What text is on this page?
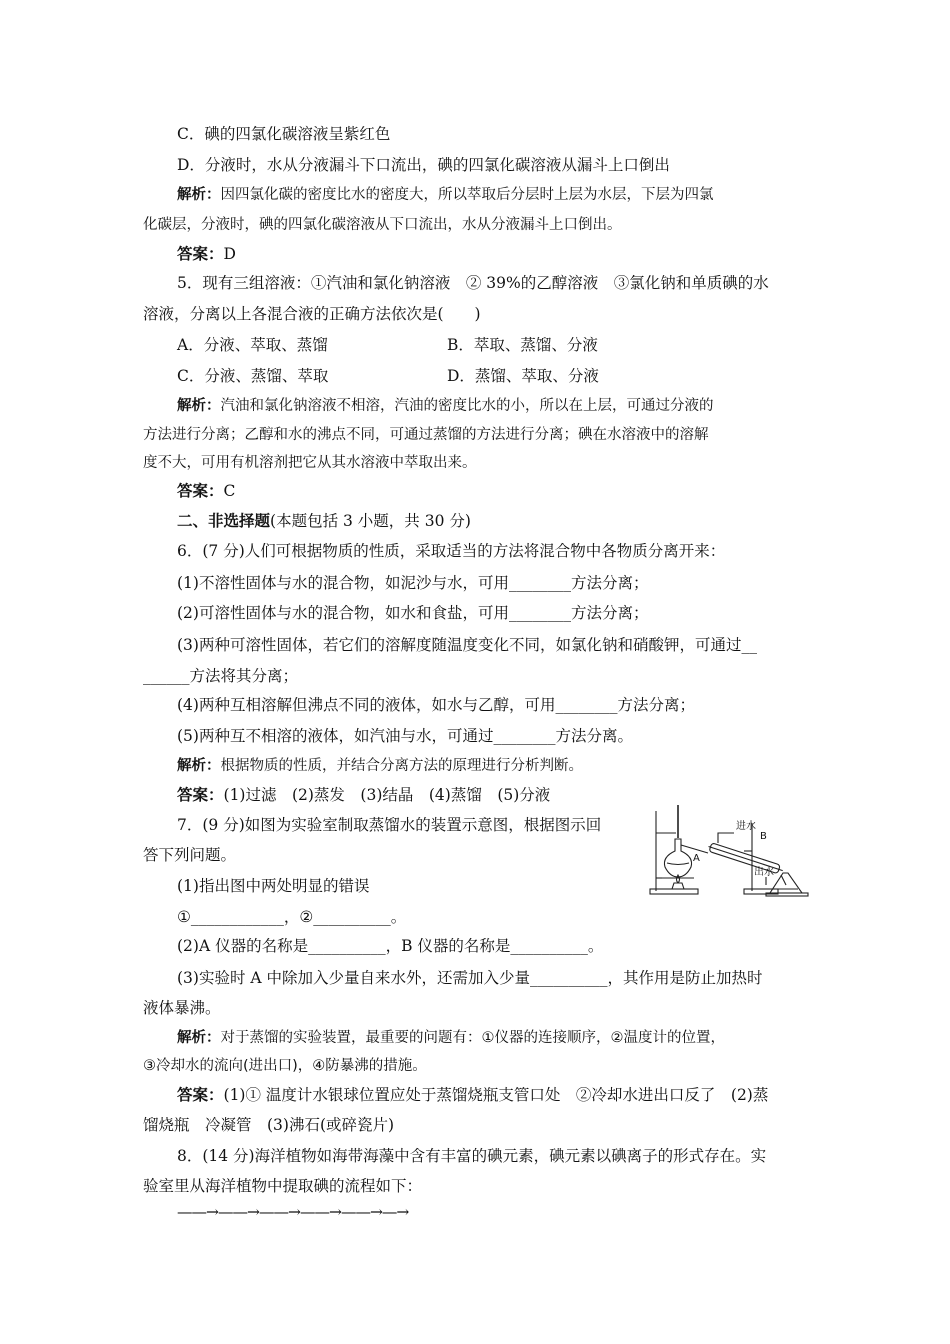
C．碘的四氯化碳溶液呈紫红色
D．分液时，水从分液漏斗下口流出，碘的四氯化碳溶液从漏斗上口倒出
解析：因四氯化碳的密度比水的密度大，所以萃取后分层时上层为水层，下层为四氯
化碳层，分液时，碘的四氯化碳溶液从下口流出，水从分液漏斗上口倒出。
答案：D
5．现有三组溶液：①汽油和氯化钠溶液　② 39%的乙醇溶液　③氯化钠和单质碘的水
溶液，分离以上各混合液的正确方法依次是(　　)
A．分液、萃取、蒸馏	B．萃取、蒸馏、分液
C．分液、蒸馏、萃取	D．蒸馏、萃取、分液
解析：汽油和氯化钠溶液不相溶，汽油的密度比水的小，所以在上层，可通过分液的
方法进行分离；乙醇和水的沸点不同，可通过蒸馏的方法进行分离；碘在水溶液中的溶解
度不大，可用有机溶剂把它从其水溶液中萃取出来。
答案：C
二、非选择题(本题包括 3 小题，共 30 分)
6．(7 分)人们可根据物质的性质，采取适当的方法将混合物中各物质分离开来：
(1)不溶性固体与水的混合物，如泥沙与水，可用________方法分离；
(2)可溶性固体与水的混合物，如水和食盐，可用________方法分离；
(3)两种可溶性固体，若它们的溶解度随温度变化不同，如氯化钠和硝酸钾，可通过__
______方法将其分离；
(4)两种互相溶解但沸点不同的液体，如水与乙醇，可用________方法分离；
(5)两种互不相溶的液体，如汽油与水，可通过________方法分离。
解析：根据物质的性质，并结合分离方法的原理进行分析判断。
答案：(1)过滤　(2)蒸发　(3)结晶　(4)蒸馏　(5)分液
7．(9 分)如图为实验室制取蒸馏水的装置示意图，根据图示回
答下列问题。
(1)指出图中两处明显的错误
①____________，②__________。
(2)A 仪器的名称是__________，B 仪器的名称是__________。
(3)实验时 A 中除加入少量自来水外，还需加入少量__________，其作用是防止加热时
液体暴沸。
解析：对于蒸馏的实验装置，最重要的问题有：①仪器的连接顺序，②温度计的位置，
③冷却水的流向(进出口)，④防暴沸的措施。
答案：(1)① 温度计水银球位置应处于蒸馏烧瓶支管口处　②冷却水进出口反了　(2)蒸
馏烧瓶　冷凝管　(3)沸石(或碎瓷片)
8．(14 分)海洋植物如海带海藻中含有丰富的碘元素，碘元素以碘离子的形式存在。实
验室里从海洋植物中提取碘的流程如下：
——→——→——→——→——→—→
进水
出水
A
B
